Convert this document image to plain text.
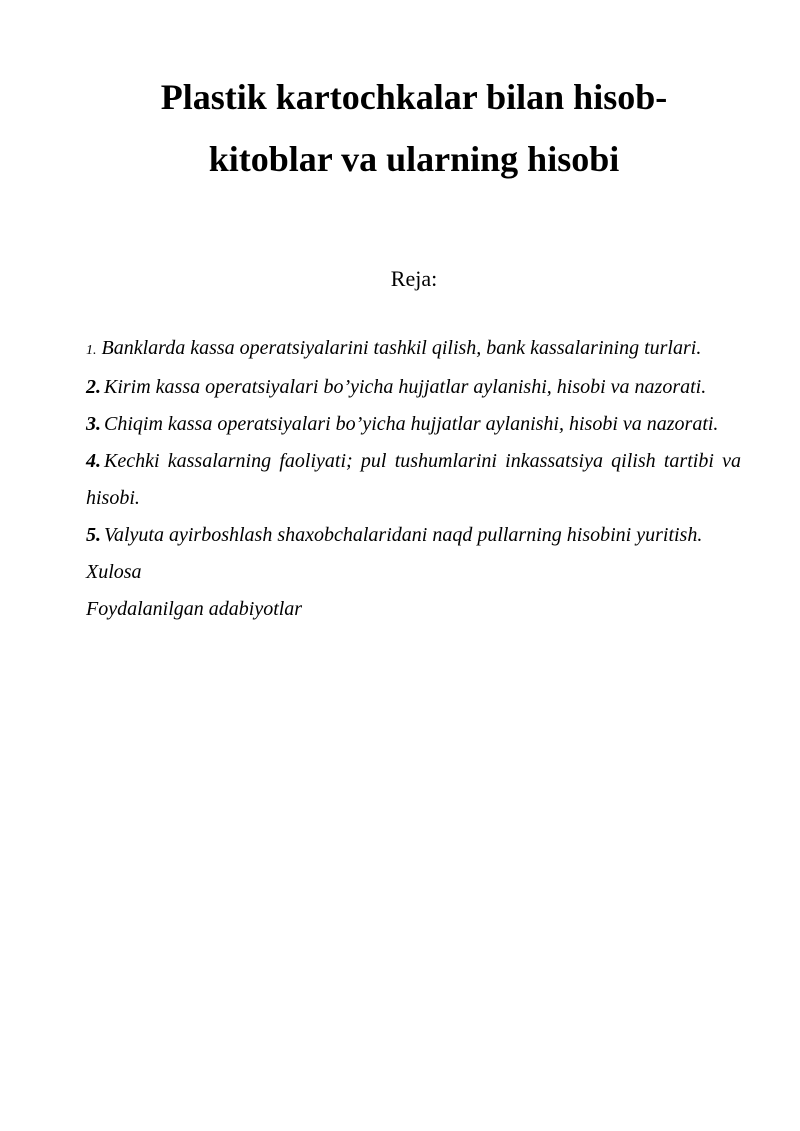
Plastik kartochkalar bilan hisob-
kitoblar va ularning hisobi

Reja:

1. Banklarda kassa operatsiyalarini tashkil qilish, bank kassalarining turlari.

2. Kirim kassa operatsiyalari bo’yicha hujjatlar aylanishi, hisobi va nazorati.

3. Chiqim kassa operatsiyalari bo’yicha hujjatlar aylanishi, hisobi va nazorati.

4. Kechki kassalarning faoliyati; pul tushumlarini inkassatsiya qilish tartibi va hisobi.

5. Valyuta ayirboshlash shaxobchalaridani naqd pullarning hisobini yuritish.

Xulosa

Foydalanilgan adabiyotlar
